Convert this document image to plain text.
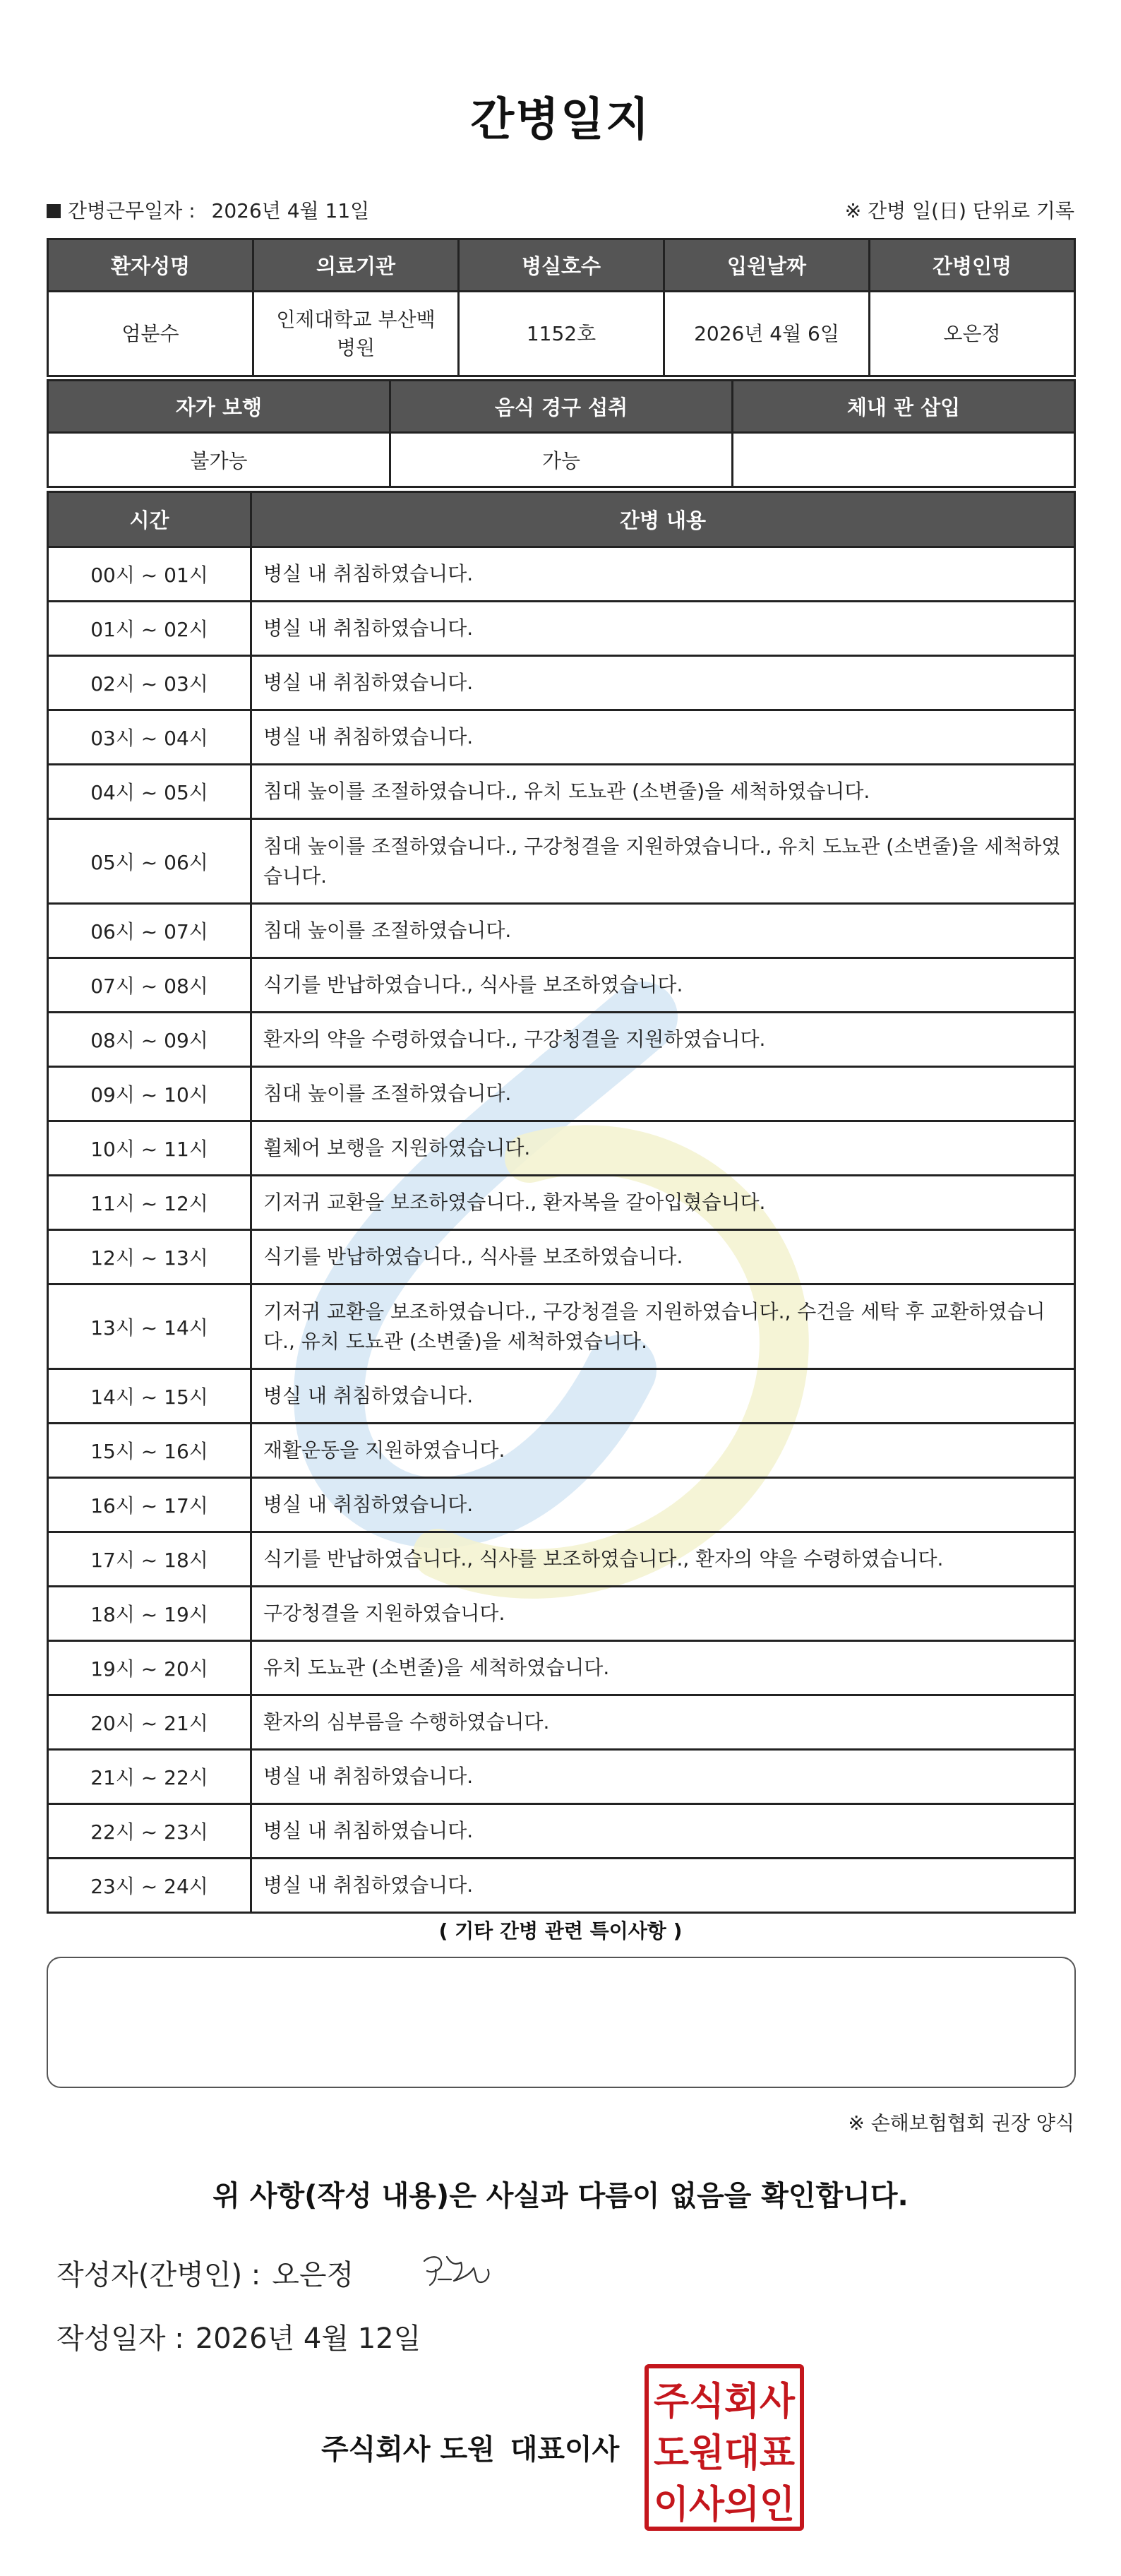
간병일지
간병근무일자 : 2026년 4월 11일	※ 간병 일(日) 단위로 기록
환자성명	의료기관	병실호수	입원날짜	간병인명
엄분수	인제대학교 부산백병원	1152호	2026년 4월 6일	오은정
자가 보행	음식 경구 섭취	체내 관 삽입
불가능	가능	
시간	간병 내용
00시 ~ 01시	병실 내 취침하였습니다.
01시 ~ 02시	병실 내 취침하였습니다.
02시 ~ 03시	병실 내 취침하였습니다.
03시 ~ 04시	병실 내 취침하였습니다.
04시 ~ 05시	침대 높이를 조절하였습니다., 유치 도뇨관 (소변줄)을 세척하였습니다.
05시 ~ 06시	침대 높이를 조절하였습니다., 구강청결을 지원하였습니다., 유치 도뇨관 (소변줄)을 세척하였습니다.
06시 ~ 07시	침대 높이를 조절하였습니다.
07시 ~ 08시	식기를 반납하였습니다., 식사를 보조하였습니다.
08시 ~ 09시	환자의 약을 수령하였습니다., 구강청결을 지원하였습니다.
09시 ~ 10시	침대 높이를 조절하였습니다.
10시 ~ 11시	휠체어 보행을 지원하였습니다.
11시 ~ 12시	기저귀 교환을 보조하였습니다., 환자복을 갈아입혔습니다.
12시 ~ 13시	식기를 반납하였습니다., 식사를 보조하였습니다.
13시 ~ 14시	기저귀 교환을 보조하였습니다., 구강청결을 지원하였습니다., 수건을 세탁 후 교환하였습니다., 유치 도뇨관 (소변줄)을 세척하였습니다.
14시 ~ 15시	병실 내 취침하였습니다.
15시 ~ 16시	재활운동을 지원하였습니다.
16시 ~ 17시	병실 내 취침하였습니다.
17시 ~ 18시	식기를 반납하였습니다., 식사를 보조하였습니다., 환자의 약을 수령하였습니다.
18시 ~ 19시	구강청결을 지원하였습니다.
19시 ~ 20시	유치 도뇨관 (소변줄)을 세척하였습니다.
20시 ~ 21시	환자의 심부름을 수행하였습니다.
21시 ~ 22시	병실 내 취침하였습니다.
22시 ~ 23시	병실 내 취침하였습니다.
23시 ~ 24시	병실 내 취침하였습니다.
( 기타 간병 관련 특이사항 )
※ 손해보험협회 권장 양식
위 사항(작성 내용)은 사실과 다름이 없음을 확인합니다.
작성자(간병인) : 오은정
작성일자 : 2026년 4월 12일
주식회사 도원 대표이사
주식회사
도원대표
이사의인
